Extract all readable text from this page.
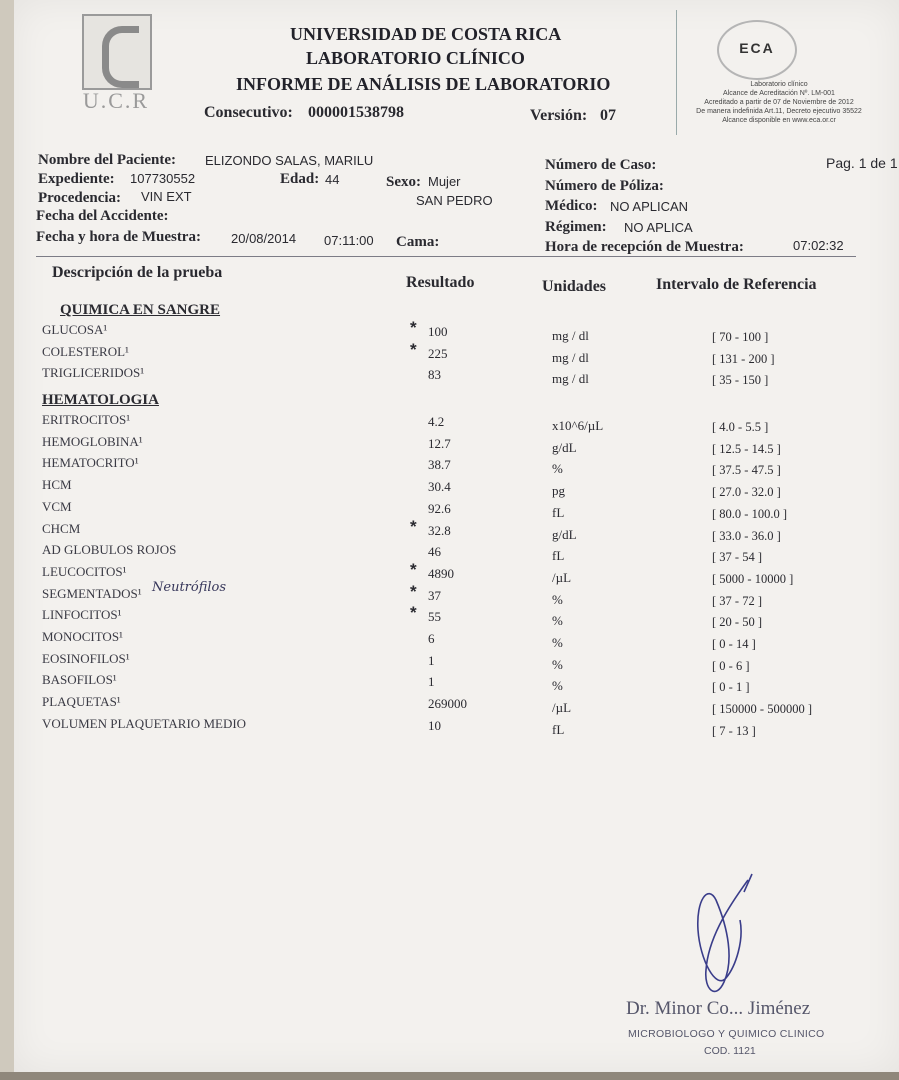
U.C.R
UNIVERSIDAD DE COSTA RICA
LABORATORIO CLÍNICO
INFORME DE ANÁLISIS DE LABORATORIO
Consecutivo: 000001538798	Versión: 07
ECA
Laboratorio clínico
Alcance de Acreditación Nº. LM-001
Acreditado a partir de 07 de Noviembre de 2012
De manera indefinida Art.11, Decreto ejecutivo 35522
Alcance disponible en www.eca.or.cr
Nombre del Paciente: ELIZONDO SALAS, MARILU
Expediente: 107730552	Edad: 44	Sexo: Mujer
SAN PEDRO
Procedencia: VIN EXT
Fecha del Accidente:
Fecha y hora de Muestra: 20/08/2014 07:11:00 Cama:
Número de Caso:	Pag. 1 de 1
Número de Póliza:
Médico: NO APLICAN
Régimen: NO APLICA
Hora de recepción de Muestra:	07:02:32
Descripción de la prueba
Resultado	Unidades	Intervalo de Referencia
QUIMICA EN SANGRE
GLUCOSA¹	* 100	mg / dl	[ 70 - 100 ]
COLESTEROL¹	* 225	mg / dl	[ 131 - 200 ]
TRIGLICERIDOS¹	83	mg / dl	[ 35 - 150 ]
HEMATOLOGIA
ERITROCITOS¹	4.2	x10^6/µL	[ 4.0 - 5.5 ]
HEMOGLOBINA¹	12.7	g/dL	[ 12.5 - 14.5 ]
HEMATOCRITO¹	38.7	%	[ 37.5 - 47.5 ]
HCM	30.4	pg	[ 27.0 - 32.0 ]
VCM	92.6	fL	[ 80.0 - 100.0 ]
CHCM	* 32.8	g/dL	[ 33.0 - 36.0 ]
AD GLOBULOS ROJOS	46	fL	[ 37 - 54 ]
LEUCOCITOS¹	* 4890	/µL	[ 5000 - 10000 ]
SEGMENTADOS¹	* 37	%	[ 37 - 72 ]
LINFOCITOS¹	* 55	%	[ 20 - 50 ]
MONOCITOS¹	6	%	[ 0 - 14 ]
EOSINOFILOS¹	1	%	[ 0 - 6 ]
BASOFILOS¹	1	%	[ 0 - 1 ]
PLAQUETAS¹	269000	/µL	[ 150000 - 500000 ]
VOLUMEN PLAQUETARIO MEDIO	10	fL	[ 7 - 13 ]
Neutrófilos
Dr. Minor Co... Jiménez
MICROBIOLOGO Y QUIMICO CLINICO
COD. 1121
